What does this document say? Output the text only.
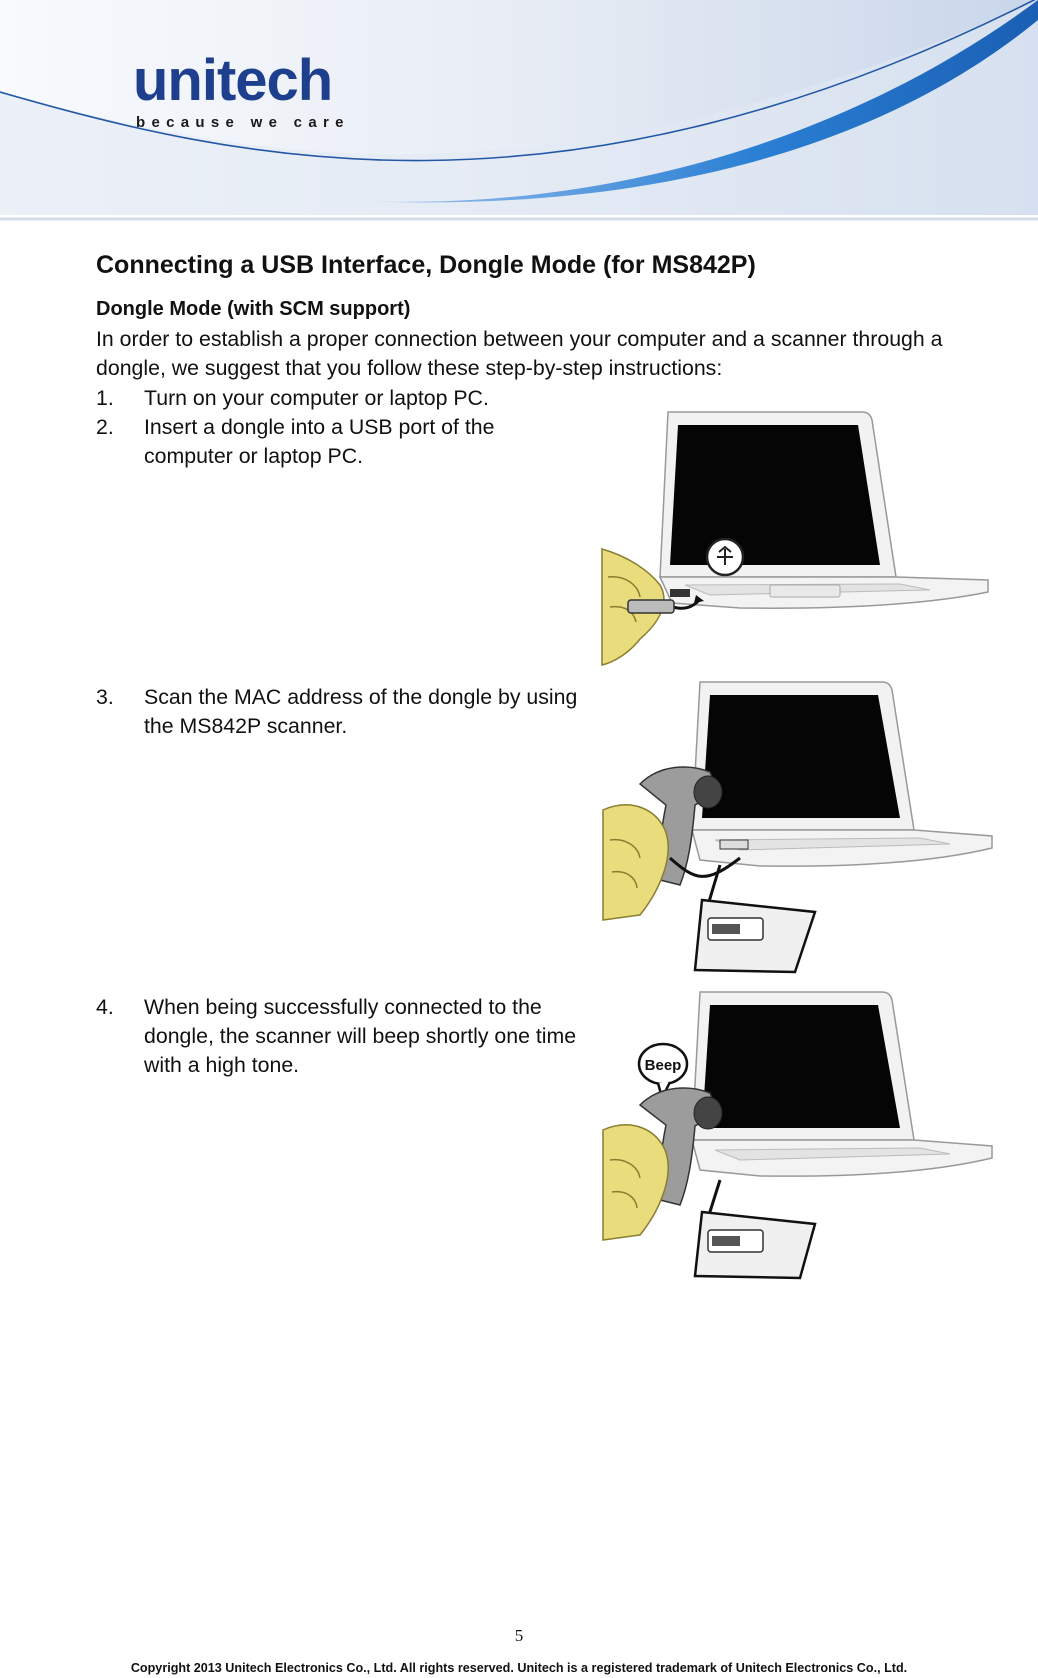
unitech
because we care
Connecting a USB Interface, Dongle Mode (for MS842P)
Dongle Mode (with SCM support)

In order to establish a proper connection between your computer and a scanner through a dongle, we suggest that you follow these step-by-step instructions:

1.	Turn on your computer or laptop PC.
2.	Insert a dongle into a USB port of the computer or laptop PC.
3.	Scan the MAC address of the dongle by using the MS842P scanner.
4.	When being successfully connected to the dongle, the scanner will beep shortly one time with a high tone.	Beep
5
Copyright 2013 Unitech Electronics Co., Ltd. All rights reserved. Unitech is a registered trademark of Unitech Electronics Co., Ltd.
